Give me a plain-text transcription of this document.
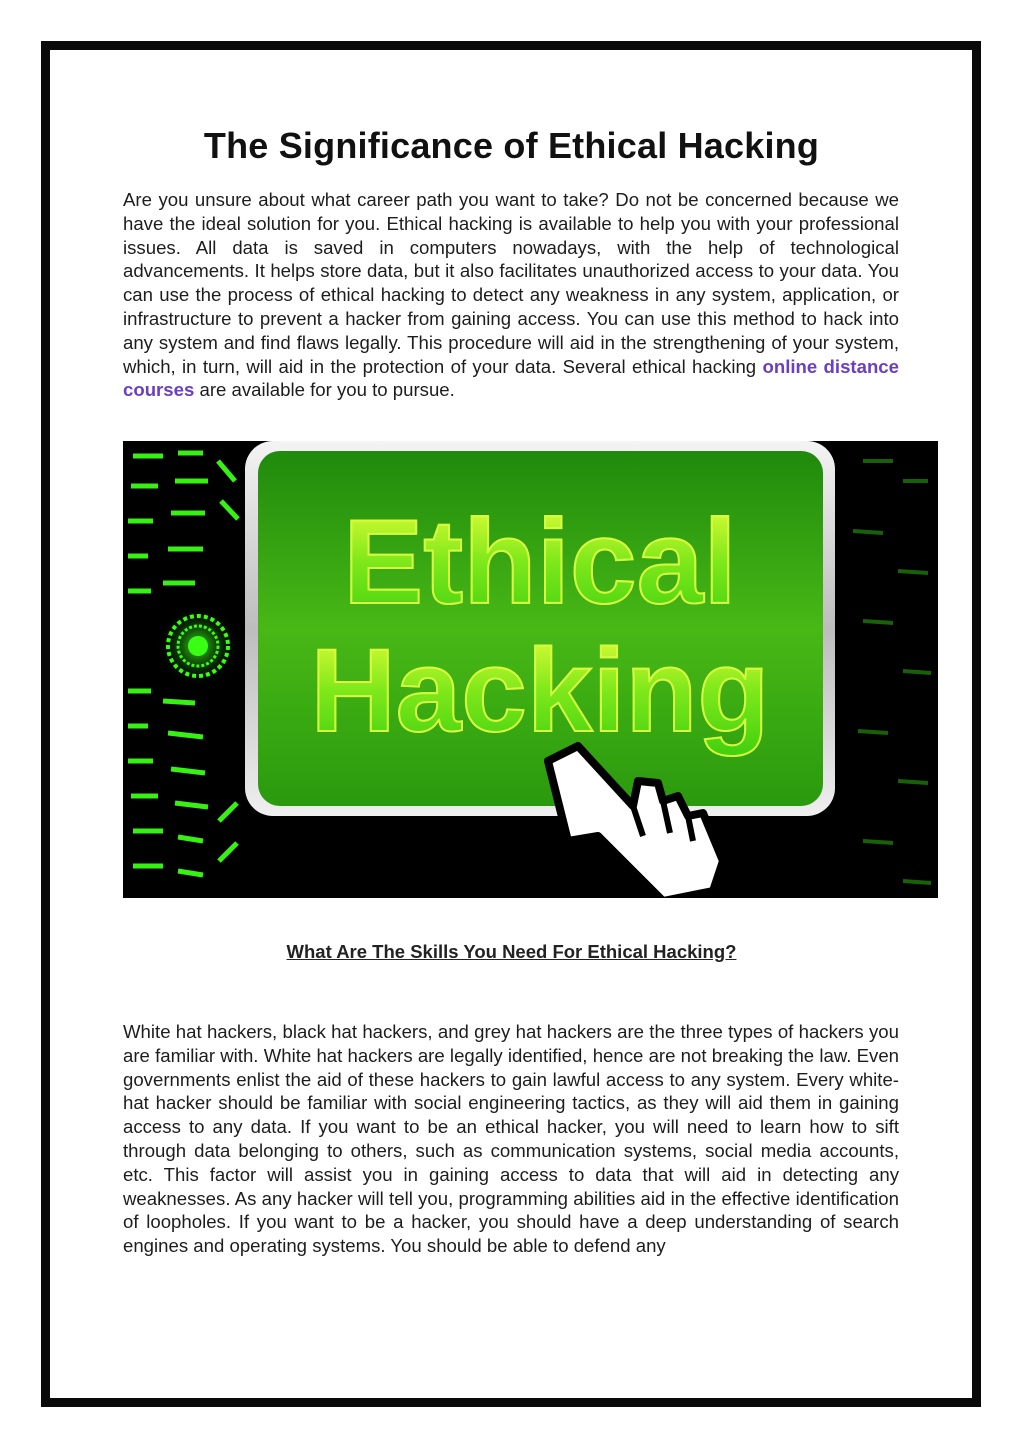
The Significance of Ethical Hacking

Are you unsure about what career path you want to take? Do not be concerned because we have the ideal solution for you. Ethical hacking is available to help you with your professional issues. All data is saved in computers nowadays, with the help of technological advancements. It helps store data, but it also facilitates unauthorized access to your data. You can use the process of ethical hacking to detect any weakness in any system, application, or infrastructure to prevent a hacker from gaining access. You can use this method to hack into any system and find flaws legally. This procedure will aid in the strengthening of your system, which, in turn, will aid in the protection of your data. Several ethical hacking online distance courses are available for you to pursue.

Ethical
Hacking
What Are The Skills You Need For Ethical Hacking?

White hat hackers, black hat hackers, and grey hat hackers are the three types of hackers you are familiar with. White hat hackers are legally identified, hence are not breaking the law. Even governments enlist the aid of these hackers to gain lawful access to any system. Every white-hat hacker should be familiar with social engineering tactics, as they will aid them in gaining access to any data. If you want to be an ethical hacker, you will need to learn how to sift through data belonging to others, such as communication systems, social media accounts, etc. This factor will assist you in gaining access to data that will aid in detecting any weaknesses. As any hacker will tell you, programming abilities aid in the effective identification of loopholes. If you want to be a hacker, you should have a deep understanding of search engines and operating systems. You should be able to defend any
